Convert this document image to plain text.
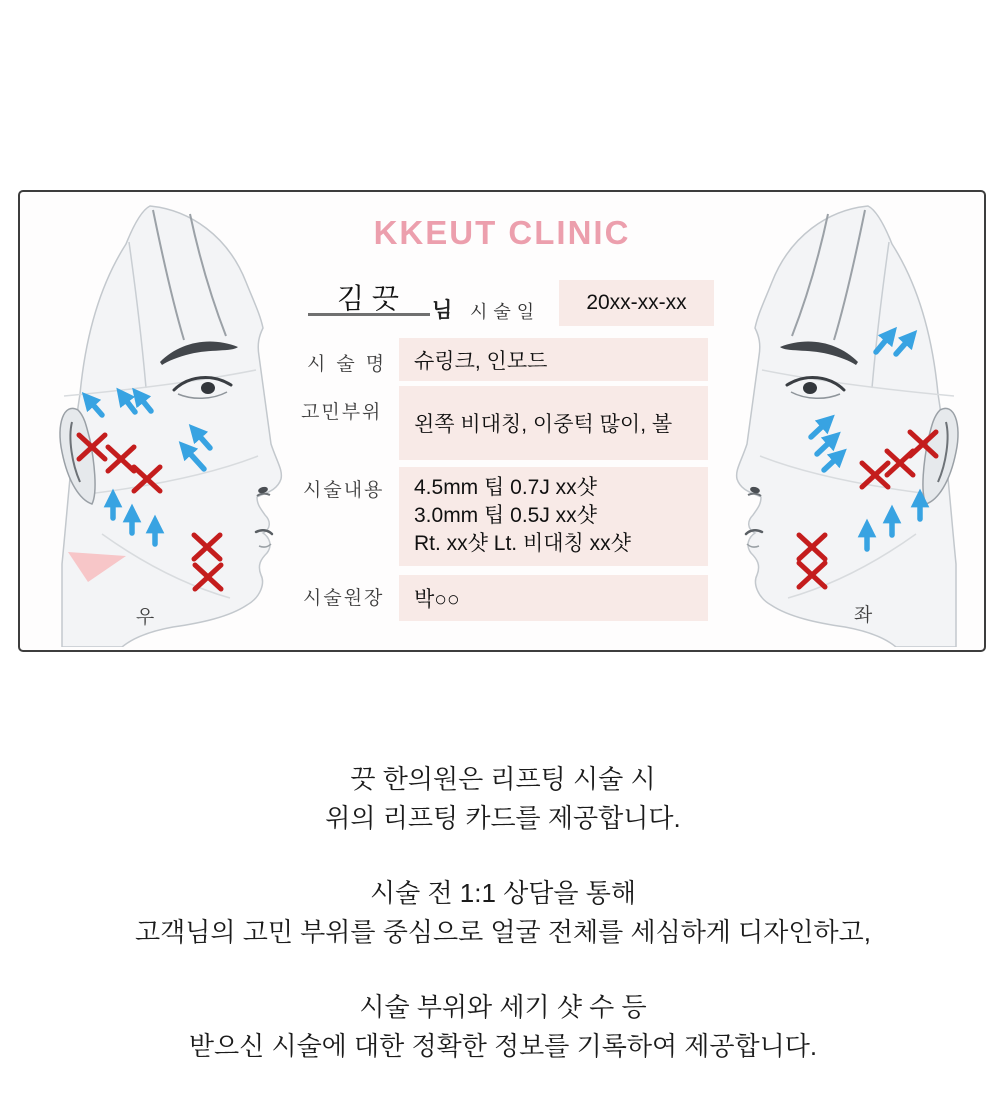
KKEUT CLINIC
우	좌
김 끗	님 시술일 20xx-xx-xx
시술명 슈링크, 인모드
고민부위
왼쪽 비대칭, 이중턱 많이, 볼
시술내용 4.5mm 팁 0.7J xx샷
3.0mm 팁 0.5J xx샷
Rt. xx샷 Lt. 비대칭 xx샷
시술원장 박○○

끗 한의원은 리프팅 시술 시
위의 리프팅 카드를 제공합니다.

시술 전 1:1 상담을 통해
고객님의 고민 부위를 중심으로 얼굴 전체를 세심하게 디자인하고,

시술 부위와 세기 샷 수 등
받으신 시술에 대한 정확한 정보를 기록하여 제공합니다.
